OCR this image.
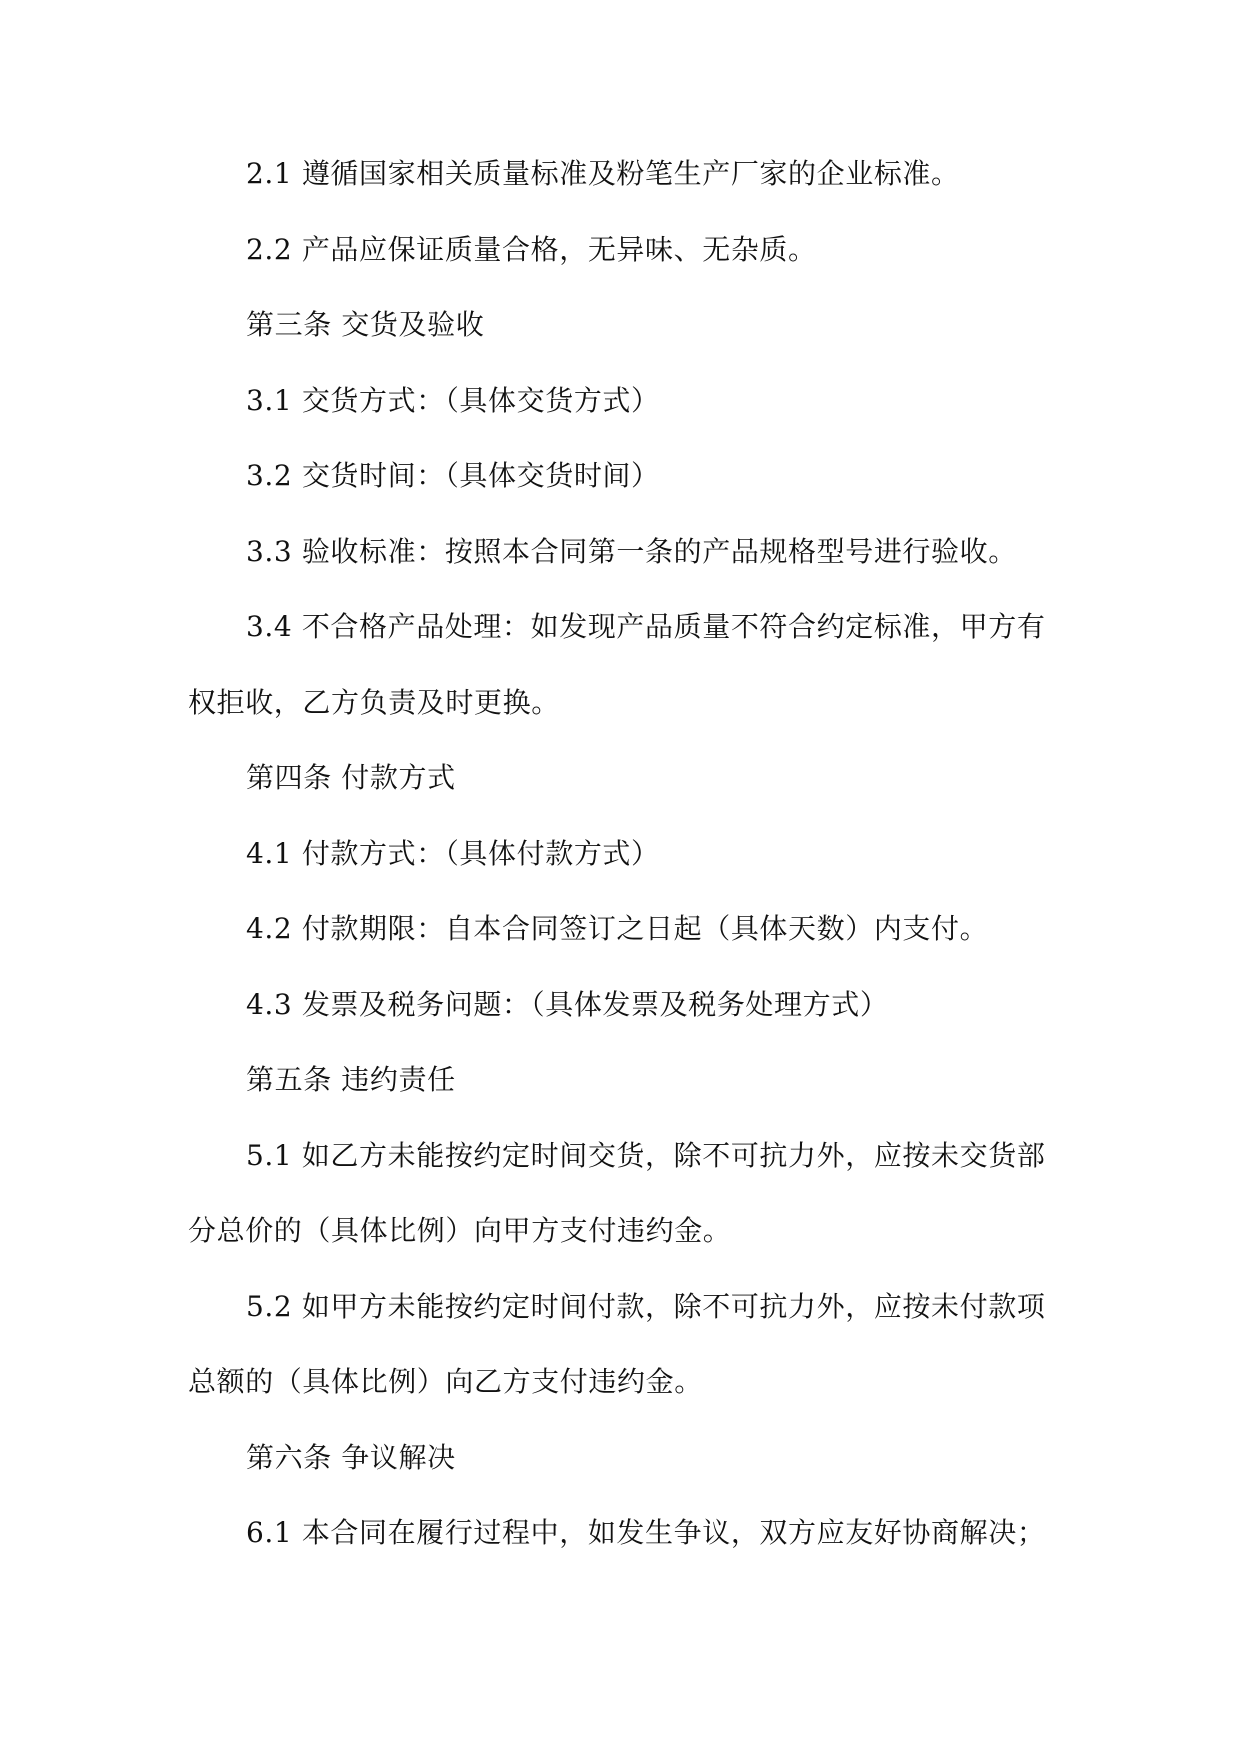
2.1 遵循国家相关质量标准及粉笔生产厂家的企业标准。
2.2 产品应保证质量合格，无异味、无杂质。
第三条 交货及验收
3.1 交货方式：（具体交货方式）
3.2 交货时间：（具体交货时间）
3.3 验收标准：按照本合同第一条的产品规格型号进行验收。
3.4 不合格产品处理：如发现产品质量不符合约定标准，甲方有
权拒收，乙方负责及时更换。
第四条 付款方式
4.1 付款方式：（具体付款方式）
4.2 付款期限：自本合同签订之日起（具体天数）内支付。
4.3 发票及税务问题：（具体发票及税务处理方式）
第五条 违约责任
5.1 如乙方未能按约定时间交货，除不可抗力外，应按未交货部
分总价的（具体比例）向甲方支付违约金。
5.2 如甲方未能按约定时间付款，除不可抗力外，应按未付款项
总额的（具体比例）向乙方支付违约金。
第六条 争议解决
6.1 本合同在履行过程中，如发生争议，双方应友好协商解决；
